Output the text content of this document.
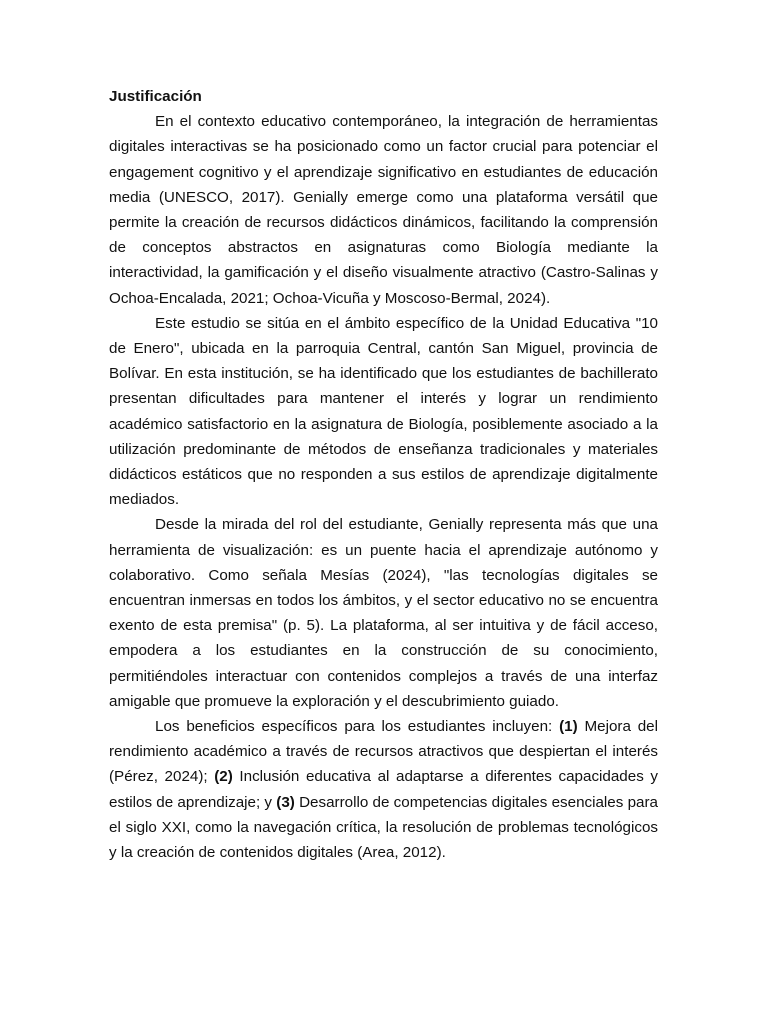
Justificación

En el contexto educativo contemporáneo, la integración de herramientas digitales interactivas se ha posicionado como un factor crucial para potenciar el engagement cognitivo y el aprendizaje significativo en estudiantes de educación media (UNESCO, 2017). Genially emerge como una plataforma versátil que permite la creación de recursos didácticos dinámicos, facilitando la comprensión de conceptos abstractos en asignaturas como Biología mediante la interactividad, la gamificación y el diseño visualmente atractivo (Castro-Salinas y Ochoa-Encalada, 2021; Ochoa-Vicuña y Moscoso-Bermal, 2024).

Este estudio se sitúa en el ámbito específico de la Unidad Educativa "10 de Enero", ubicada en la parroquia Central, cantón San Miguel, provincia de Bolívar. En esta institución, se ha identificado que los estudiantes de bachillerato presentan dificultades para mantener el interés y lograr un rendimiento académico satisfactorio en la asignatura de Biología, posiblemente asociado a la utilización predominante de métodos de enseñanza tradicionales y materiales didácticos estáticos que no responden a sus estilos de aprendizaje digitalmente mediados.

Desde la mirada del rol del estudiante, Genially representa más que una herramienta de visualización: es un puente hacia el aprendizaje autónomo y colaborativo. Como señala Mesías (2024), "las tecnologías digitales se encuentran inmersas en todos los ámbitos, y el sector educativo no se encuentra exento de esta premisa" (p. 5). La plataforma, al ser intuitiva y de fácil acceso, empodera a los estudiantes en la construcción de su conocimiento, permitiéndoles interactuar con contenidos complejos a través de una interfaz amigable que promueve la exploración y el descubrimiento guiado.

Los beneficios específicos para los estudiantes incluyen: (1) Mejora del rendimiento académico a través de recursos atractivos que despiertan el interés (Pérez, 2024); (2) Inclusión educativa al adaptarse a diferentes capacidades y estilos de aprendizaje; y (3) Desarrollo de competencias digitales esenciales para el siglo XXI, como la navegación crítica, la resolución de problemas tecnológicos y la creación de contenidos digitales (Area, 2012).
